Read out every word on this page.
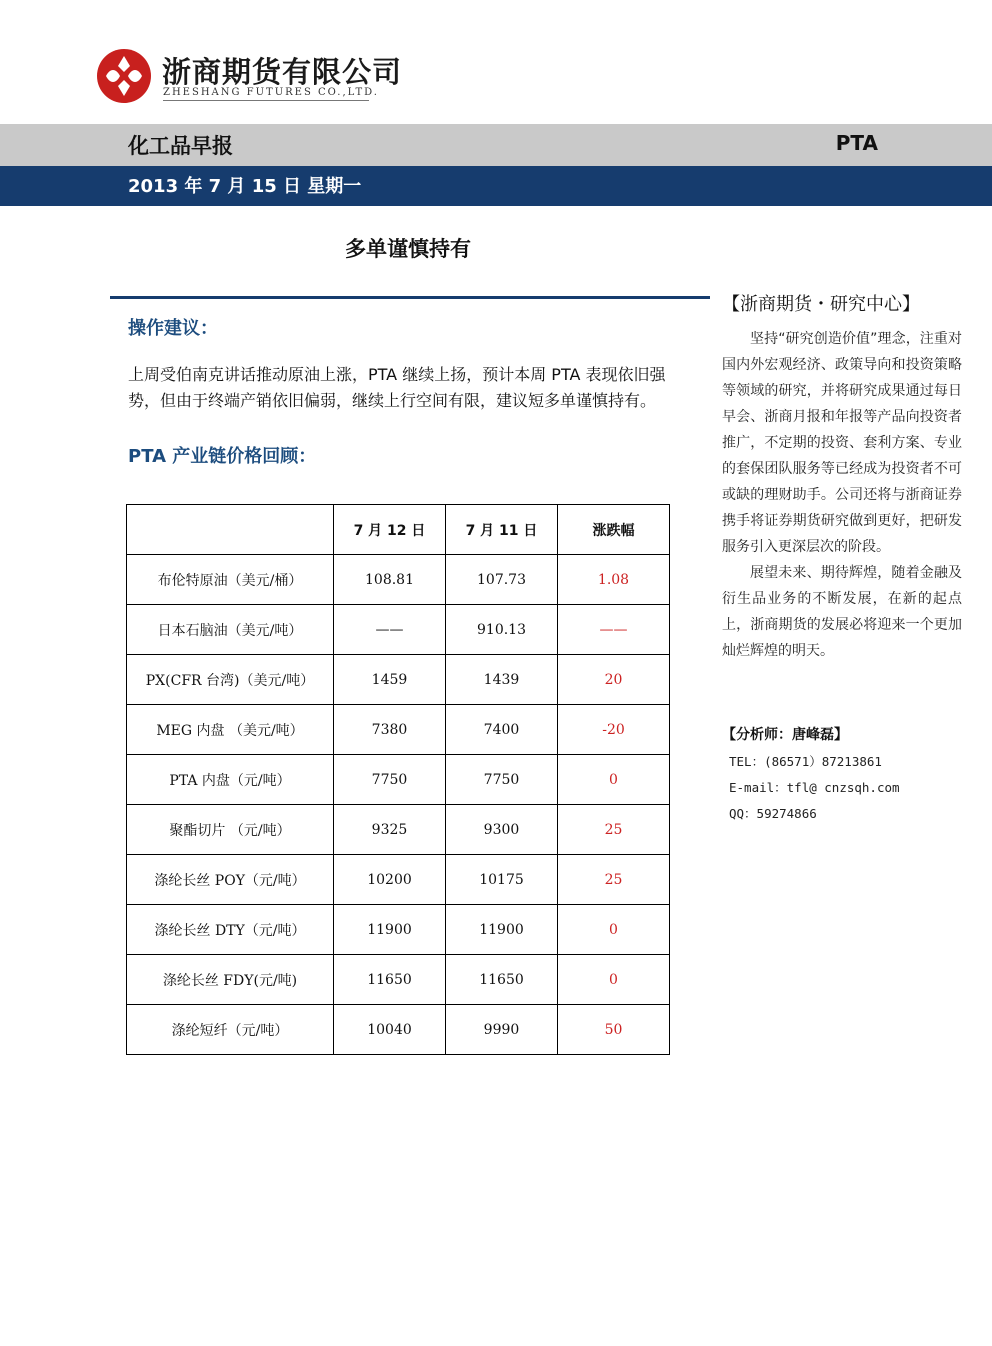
浙商期货有限公司
ZHESHANG FUTURES CO.,LTD.
化工品早报	PTA
2013 年 7 月 15 日 星期一
多单谨慎持有
操作建议：
上周受伯南克讲话推动原油上涨，PTA 继续上扬，预计本周 PTA 表现依旧强势，但由于终端产销依旧偏弱，继续上行空间有限，建议短多单谨慎持有。
PTA 产业链价格回顾：
	7 月 12 日	7 月 11 日	涨跌幅
布伦特原油（美元/桶）	108.81	107.73	1.08
日本石脑油（美元/吨）	——	910.13	——
PX(CFR 台湾)（美元/吨）	1459	1439	20
MEG 内盘 （美元/吨）	7380	7400	-20
PTA 内盘（元/吨）	7750	7750	0
聚酯切片 （元/吨）	9325	9300	25
涤纶长丝 POY（元/吨）	10200	10175	25
涤纶长丝 DTY（元/吨）	11900	11900	0
涤纶长丝 FDY(元/吨)	11650	11650	0
涤纶短纤（元/吨）	10040	9990	50
【浙商期货・研究中心】

坚持“研究创造价值”理念，注重对国内外宏观经济、政策导向和投资策略等领域的研究，并将研究成果通过每日早会、浙商月报和年报等产品向投资者推广，不定期的投资、套利方案、专业的套保团队服务等已经成为投资者不可或缺的理财助手。公司还将与浙商证券携手将证券期货研究做到更好，把研发服务引入更深层次的阶段。

展望未来、期待辉煌，随着金融及衍生品业务的不断发展，在新的起点上，浙商期货的发展必将迎来一个更加灿烂辉煌的明天。

【分析师：唐峰磊】
TEL：(86571）87213861
E-mail：tfl@ cnzsqh.com
QQ：59274866
